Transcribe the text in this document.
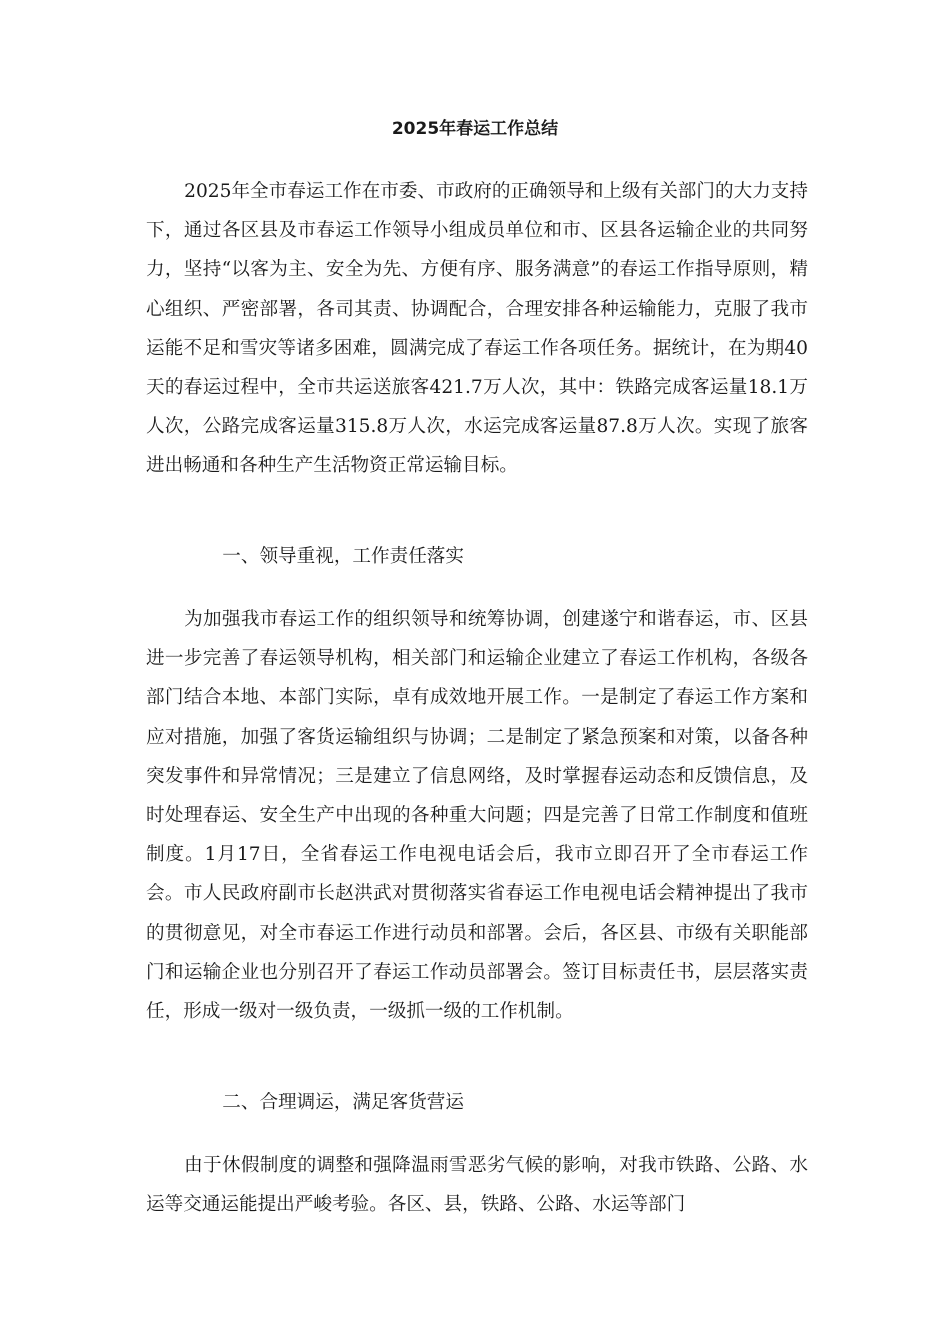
2025年春运工作总结

2025年全市春运工作在市委、市政府的正确领导和上级有关部门的大力支持下，通过各区县及市春运工作领导小组成员单位和市、区县各运输企业的共同努力，坚持“以客为主、安全为先、方便有序、服务满意”的春运工作指导原则，精心组织、严密部署，各司其责、协调配合，合理安排各种运输能力，克服了我市运能不足和雪灾等诸多困难，圆满完成了春运工作各项任务。据统计，在为期40天的春运过程中，全市共运送旅客421.7万人次，其中：铁路完成客运量18.1万人次，公路完成客运量315.8万人次，水运完成客运量87.8万人次。实现了旅客进出畅通和各种生产生活物资正常运输目标。

一、领导重视，工作责任落实

为加强我市春运工作的组织领导和统筹协调，创建遂宁和谐春运，市、区县进一步完善了春运领导机构，相关部门和运输企业建立了春运工作机构，各级各部门结合本地、本部门实际，卓有成效地开展工作。一是制定了春运工作方案和应对措施，加强了客货运输组织与协调；二是制定了紧急预案和对策，以备各种突发事件和异常情况；三是建立了信息网络，及时掌握春运动态和反馈信息，及时处理春运、安全生产中出现的各种重大问题；四是完善了日常工作制度和值班制度。1月17日，全省春运工作电视电话会后，我市立即召开了全市春运工作会。市人民政府副市长赵洪武对贯彻落实省春运工作电视电话会精神提出了我市的贯彻意见，对全市春运工作进行动员和部署。会后，各区县、市级有关职能部门和运输企业也分别召开了春运工作动员部署会。签订目标责任书，层层落实责任，形成一级对一级负责，一级抓一级的工作机制。

二、合理调运，满足客货营运

由于休假制度的调整和强降温雨雪恶劣气候的影响，对我市铁路、公路、水运等交通运能提出严峻考验。各区、县，铁路、公路、水运等部门
